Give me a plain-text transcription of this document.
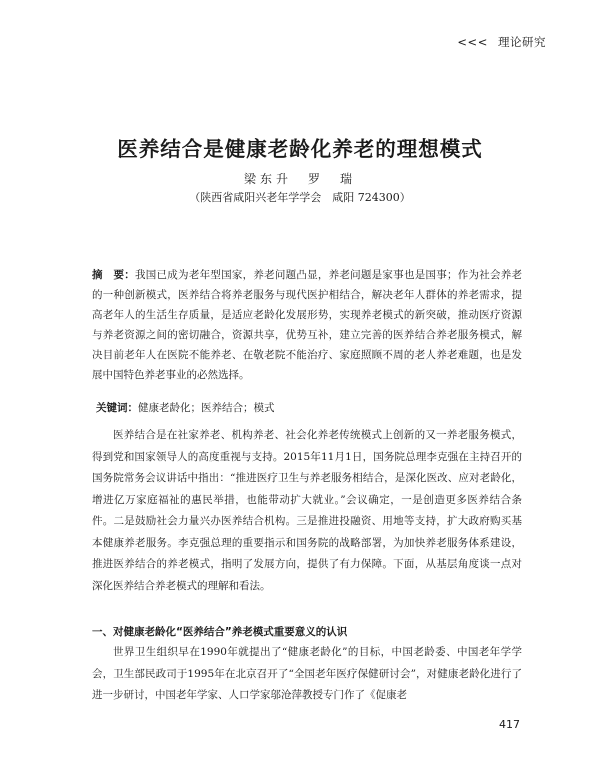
<<< 理论研究
医养结合是健康老龄化养老的理想模式
梁东升　罗　瑞
（陕西省咸阳兴老年学学会　咸阳 724300）

摘　要：我国已成为老年型国家，养老问题凸显，养老问题是家事也是国事；作为社会养老的一种创新模式，医养结合将养老服务与现代医护相结合，解决老年人群体的养老需求，提高老年人的生活生存质量，是适应老龄化发展形势，实现养老模式的新突破，推动医疗资源与养老资源之间的密切融合，资源共享，优势互补，建立完善的医养结合养老服务模式，解决目前老年人在医院不能养老、在敬老院不能治疗、家庭照顾不周的老人养老难题，也是发展中国特色养老事业的必然选择。

关键词：健康老龄化；医养结合；模式

医养结合是在社家养老、机构养老、社会化养老传统模式上创新的又一养老服务模式，得到党和国家领导人的高度重视与支持。2015年11月1日，国务院总理李克强在主持召开的国务院常务会议讲话中指出：“推进医疗卫生与养老服务相结合，是深化医改、应对老龄化，增进亿万家庭福祉的惠民举措，也能带动扩大就业。”会议确定，一是创造更多医养结合条件。二是鼓励社会力量兴办医养结合机构。三是推进投融资、用地等支持，扩大政府购买基本健康养老服务。李克强总理的重要指示和国务院的战略部署，为加快养老服务体系建设，推进医养结合的养老模式，指明了发展方向，提供了有力保障。下面，从基层角度谈一点对深化医养结合养老模式的理解和看法。

一、对健康老龄化“医养结合”养老模式重要意义的认识

世界卫生组织早在1990年就提出了“健康老龄化”的目标，中国老龄委、中国老年学学会，卫生部民政司于1995年在北京召开了“全国老年医疗保健研讨会”，对健康老龄化进行了进一步研讨，中国老年学家、人口学家邬沧萍教授专门作了《促康老

417
